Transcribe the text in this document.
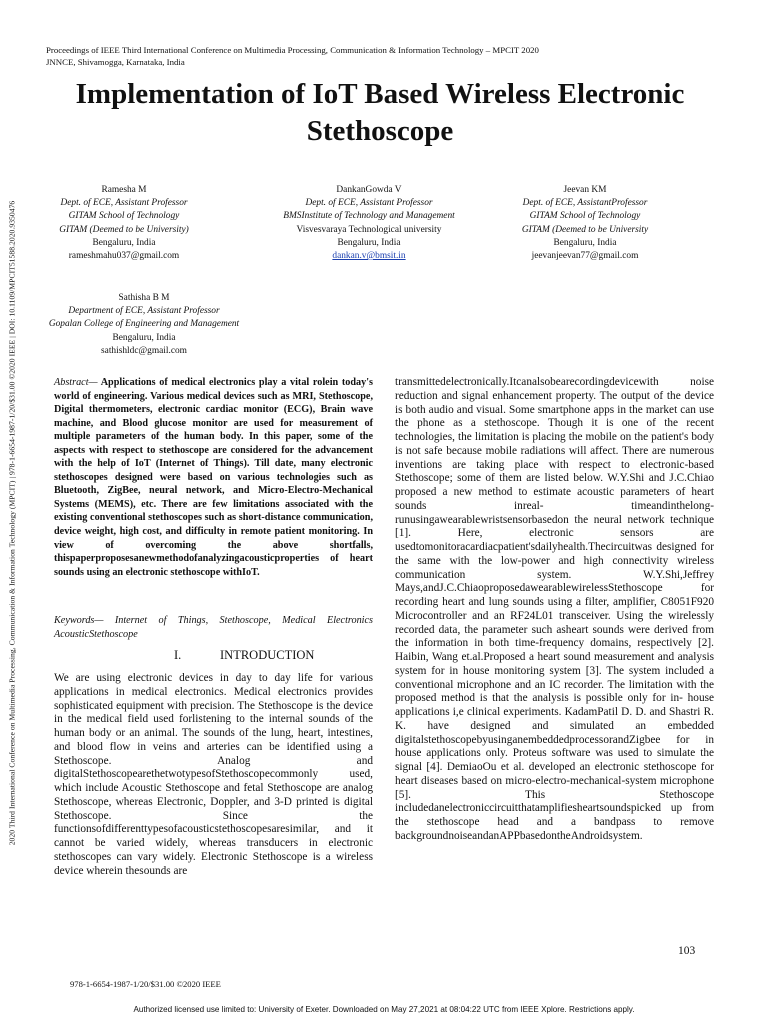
2020 Third International Conference on Multimedia Processing, Communication & Information Technology (MPCIT) | 978-1-6654-1987-1/20/$31.00 ©2020 IEEE | DOI: 10.1109/MPCIT51588.2020.9350476
Proceedings of IEEE Third International Conference on Multimedia Processing, Communication & Information Technology – MPCIT 2020
JNNCE, Shivamogga, Karnataka, India
Implementation of IoT Based Wireless Electronic
Stethoscope
Ramesha M
Dept. of ECE, Assistant Professor
GITAM School of Technology
GITAM (Deemed to be University)
Bengaluru, India
rameshmahu037@gmail.com
DankanGowda V
Dept. of ECE, Assistant Professor
BMSInstitute of Technology and Management
Visvesvaraya Technological university
Bengaluru, India
dankan.v@bmsit.in
Jeevan KM
Dept. of ECE, AssistantProfessor
GITAM School of Technology
GITAM (Deemed to be University
Bengaluru, India
jeevanjeevan77@gmail.com
Sathisha B M
Department of ECE, Assistant Professor
Gopalan College of Engineering and Management
Bengaluru, India
sathishldc@gmail.com

Abstract— Applications of medical electronics play a vital rolein today's world of engineering. Various medical devices such as MRI, Stethoscope, Digital thermometers, electronic cardiac monitor (ECG), Brain wave machine, and Blood glucose monitor are used for measurement of multiple parameters of the human body. In this paper, some of the aspects with respect to stethoscope are considered for the advancement with the help of IoT (Internet of Things). Till date, many electronic stethoscopes designed were based on various technologies such as Bluetooth, ZigBee, neural network, and Micro-Electro-Mechanical Systems (MEMS), etc. There are few limitations associated with the existing conventional stethoscopes such as short-distance communication, device weight, high cost, and difficulty in remote patient monitoring. In view of overcoming the above shortfalls, thispaperproposesanewmethodofanalyzingacousticproperties of heart sounds using an electronic stethoscope withIoT.

Keywords— Internet of Things, Stethoscope, Medical Electronics AcousticStethoscope

I.	INTRODUCTION

We are using electronic devices in day to day life for various applications in medical electronics. Medical electronics provides sophisticated equipment with precision. The Stethoscope is the device in the medical field used forlistening to the internal sounds of the human body or an animal. The sounds of the lung, heart, intestines, and blood flow in veins and arteries can be identified using a Stethoscope. Analog and digitalStethoscopearethetwotypesofStethoscopecommonly used, which include Acoustic Stethoscope and fetal Stethoscope are analog Stethoscope, whereas Electronic, Doppler, and 3-D printed is digital Stethoscope. Since the functionsofdifferenttypesofacousticstethoscopesaresimilar, and it cannot be varied widely, whereas transducers in electronic stethoscopes can vary widely. Electronic Stethoscope is a wireless device wherein thesounds are

transmittedelectronically.Itcanalsobearecordingdevicewith noise reduction and signal enhancement property. The output of the device is both audio and visual. Some smartphone apps in the market can use the phone as a stethoscope. Though it is one of the recent technologies, the limitation is placing the mobile on the patient's body is not safe because mobile radiations will affect. There are numerous inventions are taking place with respect to electronic-based Stethoscope; some of them are listed below. W.Y.Shi and J.C.Chiao proposed a new method to estimate acoustic parameters of heart sounds inreal- timeandinthelong-runusingawearablewristsensorbasedon the neural network technique [1]. Here, electronic sensors are usedtomonitoracardiacpatient'sdailyhealth.Thecircuitwas designed for the same with the low-power and high connectivity wireless communication system. W.Y.Shi,Jeffrey Mays,andJ.C.ChiaoproposedawearablewirelessStethoscope for recording heart and lung sounds using a filter, amplifier, C8051F920 Microcontroller and an RF24L01 transceiver. Using the wirelessly recorded data, the parameter such asheart sounds were derived from the information in both time-frequency domains, respectively [2]. Haibin, Wang et.al.Proposed a heart sound measurement and analysis system for in house monitoring system [3]. The system included a conventional microphone and an IC recorder. The limitation with the proposed method is that the analysis is possible only for in- house applications i,e clinical experiments. KadamPatil D. D. and Shastri R. K. have designed and simulated an embedded digitalstethoscopebyusinganembeddedprocessorandZigbee for in house applications only. Proteus software was used to simulate the signal [4]. DemiaoOu et al. developed an electronic stethoscope for heart diseases based on micro-electro-mechanical-system microphone [5]. This Stethoscope includedanelectroniccircuitthatamplifiesheartsoundspicked up from the stethoscope head and a bandpass to remove backgroundnoiseandanAPPbasedontheAndroidsystem.

103
978-1-6654-1987-1/20/$31.00 ©2020 IEEE
Authorized licensed use limited to: University of Exeter. Downloaded on May 27,2021 at 08:04:22 UTC from IEEE Xplore. Restrictions apply.
